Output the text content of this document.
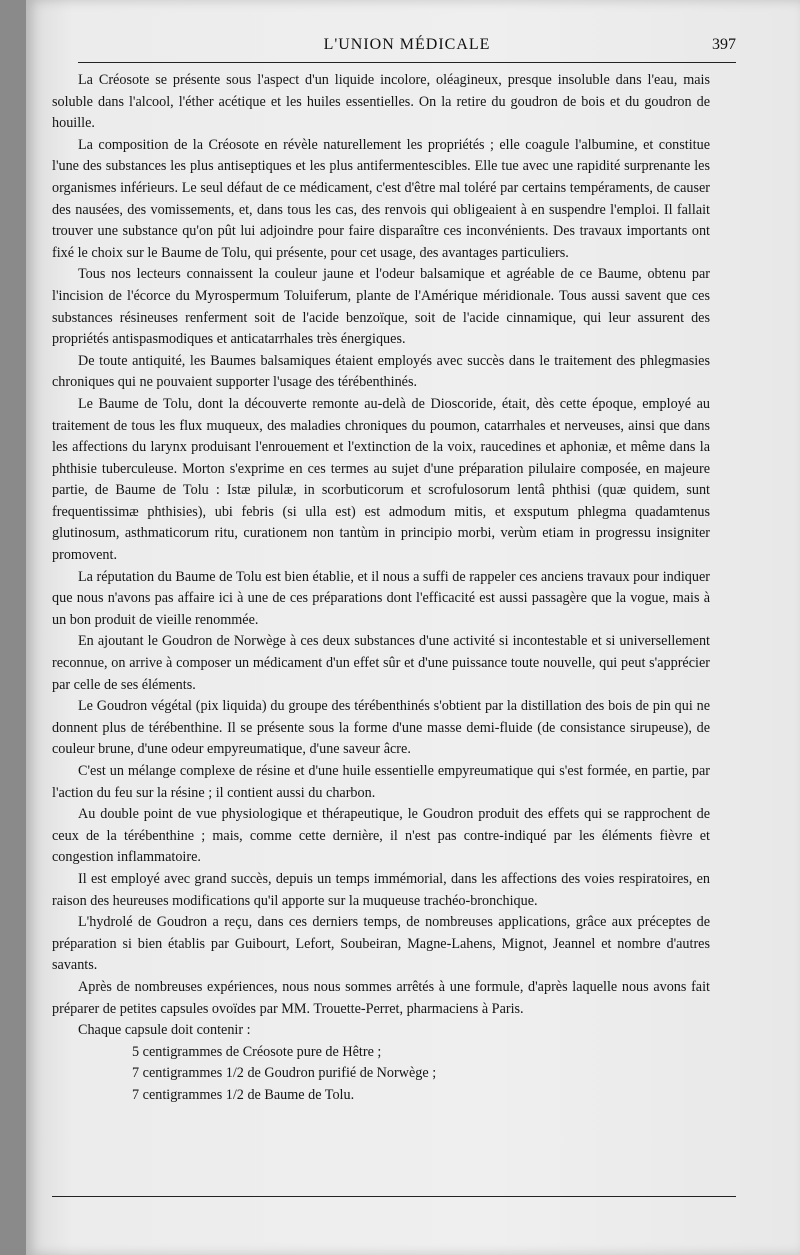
L'UNION MÉDICALE	397

La Créosote se présente sous l'aspect d'un liquide incolore, oléagineux, presque insoluble dans l'eau, mais soluble dans l'alcool, l'éther acétique et les huiles essentielles. On la retire du goudron de bois et du goudron de houille.

La composition de la Créosote en révèle naturellement les propriétés ; elle coagule l'albumine, et constitue l'une des substances les plus antiseptiques et les plus antifermentescibles. Elle tue avec une rapidité surprenante les organismes inférieurs. Le seul défaut de ce médicament, c'est d'être mal toléré par certains tempéraments, de causer des nausées, des vomissements, et, dans tous les cas, des renvois qui obligeaient à en suspendre l'emploi. Il fallait trouver une substance qu'on pût lui adjoindre pour faire disparaître ces inconvénients. Des travaux importants ont fixé le choix sur le Baume de Tolu, qui présente, pour cet usage, des avantages particuliers.

Tous nos lecteurs connaissent la couleur jaune et l'odeur balsamique et agréable de ce Baume, obtenu par l'incision de l'écorce du Myrospermum Toluiferum, plante de l'Amérique méridionale. Tous aussi savent que ces substances résineuses renferment soit de l'acide benzoïque, soit de l'acide cinnamique, qui leur assurent des propriétés antispasmodiques et anticatarrhales très énergiques.

De toute antiquité, les Baumes balsamiques étaient employés avec succès dans le traitement des phlegmasies chroniques qui ne pouvaient supporter l'usage des térébenthinés.

Le Baume de Tolu, dont la découverte remonte au-delà de Dioscoride, était, dès cette époque, employé au traitement de tous les flux muqueux, des maladies chroniques du poumon, catarrhales et nerveuses, ainsi que dans les affections du larynx produisant l'enrouement et l'extinction de la voix, raucedines et aphoniæ, et même dans la phthisie tuberculeuse. Morton s'exprime en ces termes au sujet d'une préparation pilulaire composée, en majeure partie, de Baume de Tolu : Istæ pilulæ, in scorbuticorum et scrofulosorum lentâ phthisi (quæ quidem, sunt frequentissimæ phthisies), ubi febris (si ulla est) est admodum mitis, et exsputum phlegma quadamtenus glutinosum, asthmaticorum ritu, curationem non tantùm in principio morbi, verùm etiam in progressu insigniter promovent.

La réputation du Baume de Tolu est bien établie, et il nous a suffi de rappeler ces anciens travaux pour indiquer que nous n'avons pas affaire ici à une de ces préparations dont l'efficacité est aussi passagère que la vogue, mais à un bon produit de vieille renommée.

En ajoutant le Goudron de Norwège à ces deux substances d'une activité si incontestable et si universellement reconnue, on arrive à composer un médicament d'un effet sûr et d'une puissance toute nouvelle, qui peut s'apprécier par celle de ses éléments.

Le Goudron végétal (pix liquida) du groupe des térébenthinés s'obtient par la distillation des bois de pin qui ne donnent plus de térébenthine. Il se présente sous la forme d'une masse demi-fluide (de consistance sirupeuse), de couleur brune, d'une odeur empyreumatique, d'une saveur âcre.

C'est un mélange complexe de résine et d'une huile essentielle empyreumatique qui s'est formée, en partie, par l'action du feu sur la résine ; il contient aussi du charbon.

Au double point de vue physiologique et thérapeutique, le Goudron produit des effets qui se rapprochent de ceux de la térébenthine ; mais, comme cette dernière, il n'est pas contre-indiqué par les éléments fièvre et congestion inflammatoire.

Il est employé avec grand succès, depuis un temps immémorial, dans les affections des voies respiratoires, en raison des heureuses modifications qu'il apporte sur la muqueuse trachéo-bronchique.

L'hydrolé de Goudron a reçu, dans ces derniers temps, de nombreuses applications, grâce aux préceptes de préparation si bien établis par Guibourt, Lefort, Soubeiran, Magne-Lahens, Mignot, Jeannel et nombre d'autres savants.

Après de nombreuses expériences, nous nous sommes arrêtés à une formule, d'après laquelle nous avons fait préparer de petites capsules ovoïdes par MM. Trouette-Perret, pharmaciens à Paris.

Chaque capsule doit contenir :

5 centigrammes de Créosote pure de Hêtre ;
7 centigrammes 1/2 de Goudron purifié de Norwège ;
7 centigrammes 1/2 de Baume de Tolu.
